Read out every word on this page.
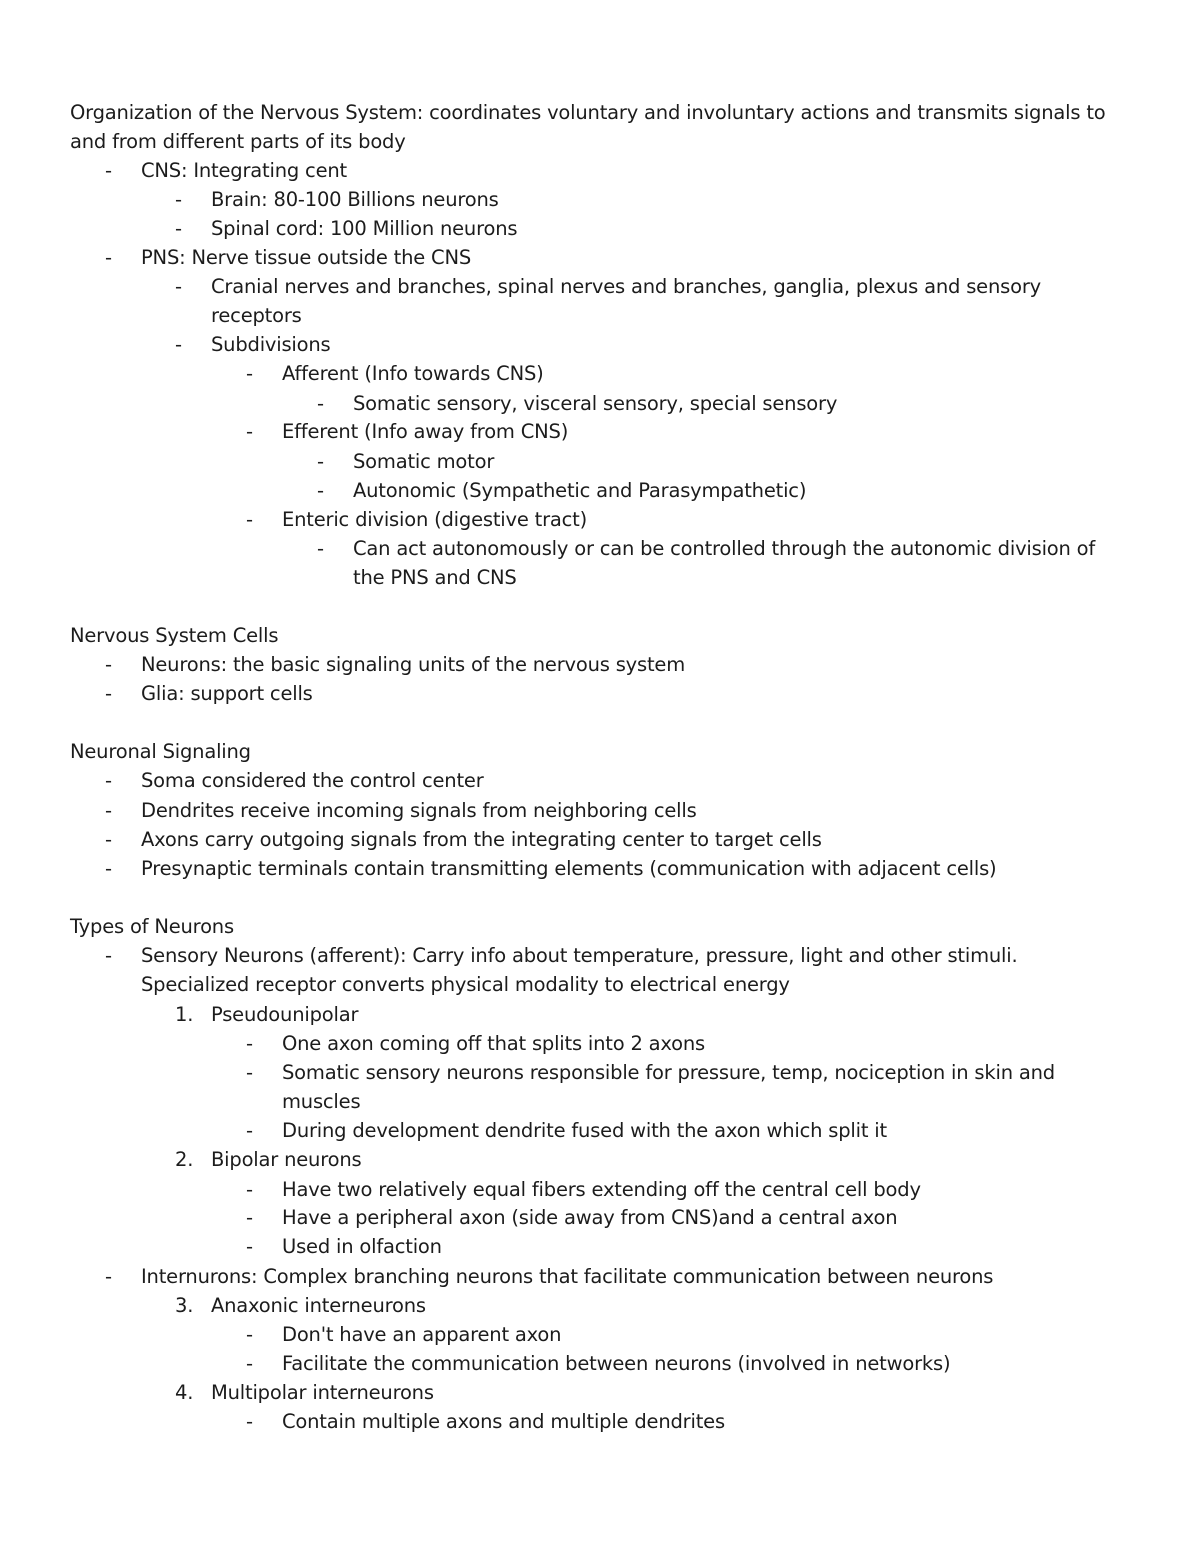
Organization of the Nervous System: coordinates voluntary and involuntary actions and transmits signals to
and from different parts of its body
- CNS: Integrating cent
- Brain: 80-100 Billions neurons
- Spinal cord: 100 Million neurons
- PNS: Nerve tissue outside the CNS
- Cranial nerves and branches, spinal nerves and branches, ganglia, plexus and sensory
receptors
- Subdivisions
- Afferent (Info towards CNS)
- Somatic sensory, visceral sensory, special sensory
- Efferent (Info away from CNS)
- Somatic motor
- Autonomic (Sympathetic and Parasympathetic)
- Enteric division (digestive tract)
- Can act autonomously or can be controlled through the autonomic division of
the PNS and CNS
Nervous System Cells
- Neurons: the basic signaling units of the nervous system
- Glia: support cells
Neuronal Signaling
- Soma considered the control center
- Dendrites receive incoming signals from neighboring cells
- Axons carry outgoing signals from the integrating center to target cells
- Presynaptic terminals contain transmitting elements (communication with adjacent cells)
Types of Neurons
- Sensory Neurons (afferent): Carry info about temperature, pressure, light and other stimuli.
Specialized receptor converts physical modality to electrical energy
1. Pseudounipolar
- One axon coming off that splits into 2 axons
- Somatic sensory neurons responsible for pressure, temp, nociception in skin and
muscles
- During development dendrite fused with the axon which split it
2. Bipolar neurons
- Have two relatively equal fibers extending off the central cell body
- Have a peripheral axon (side away from CNS)and a central axon
- Used in olfaction
- Internurons: Complex branching neurons that facilitate communication between neurons
3. Anaxonic interneurons
- Don't have an apparent axon
- Facilitate the communication between neurons (involved in networks)
4. Multipolar interneurons
- Contain multiple axons and multiple dendrites
